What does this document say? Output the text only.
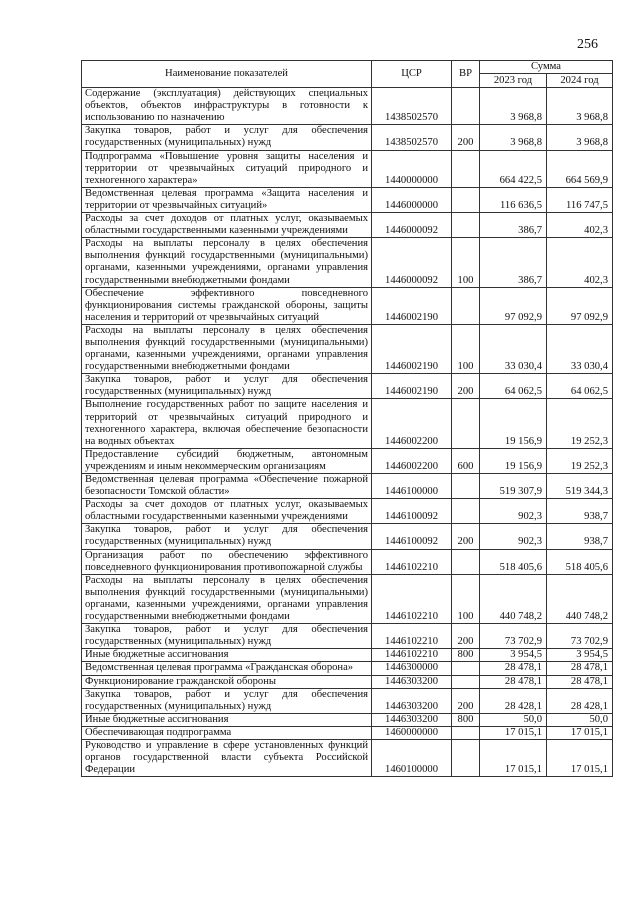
256
Наименование показателей	ЦСР	ВР	Сумма	
			2023 год	2024 год
Содержание (эксплуатация) действующих специальных объектов, объектов инфраструктуры в готовности к использованию по назначению	1438502570		3 968,8	3 968,8
Закупка товаров, работ и услуг для обеспечения государственных (муниципальных) нужд	1438502570	200	3 968,8	3 968,8
Подпрограмма «Повышение уровня защиты населения и территории от чрезвычайных ситуаций природного и техногенного характера»	1440000000		664 422,5	664 569,9
Ведомственная целевая программа «Защита населения и территории от чрезвычайных ситуаций»	1446000000		116 636,5	116 747,5
Расходы за счет доходов от платных услуг, оказываемых областными государственными казенными учреждениями	1446000092		386,7	402,3
Расходы на выплаты персоналу в целях обеспечения выполнения функций государственными (муниципальными) органами, казенными учреждениями, органами управления государственными внебюджетными фондами	1446000092	100	386,7	402,3
Обеспечение эффективного повседневного функционирования системы гражданской обороны, защиты населения и территорий от чрезвычайных ситуаций	1446002190		97 092,9	97 092,9
Расходы на выплаты персоналу в целях обеспечения выполнения функций государственными (муниципальными) органами, казенными учреждениями, органами управления государственными внебюджетными фондами	1446002190	100	33 030,4	33 030,4
Закупка товаров, работ и услуг для обеспечения государственных (муниципальных) нужд	1446002190	200	64 062,5	64 062,5
Выполнение государственных работ по защите населения и территорий от чрезвычайных ситуаций природного и техногенного характера, включая обеспечение безопасности на водных объектах	1446002200		19 156,9	19 252,3
Предоставление субсидий бюджетным, автономным учреждениям и иным некоммерческим организациям	1446002200	600	19 156,9	19 252,3
Ведомственная целевая программа «Обеспечение пожарной безопасности Томской области»	1446100000		519 307,9	519 344,3
Расходы за счет доходов от платных услуг, оказываемых областными государственными казенными учреждениями	1446100092		902,3	938,7
Закупка товаров, работ и услуг для обеспечения государственных (муниципальных) нужд	1446100092	200	902,3	938,7
Организация работ по обеспечению эффективного повседневного функционирования противопожарной службы	1446102210		518 405,6	518 405,6
Расходы на выплаты персоналу в целях обеспечения выполнения функций государственными (муниципальными) органами, казенными учреждениями, органами управления государственными внебюджетными фондами	1446102210	100	440 748,2	440 748,2
Закупка товаров, работ и услуг для обеспечения государственных (муниципальных) нужд	1446102210	200	73 702,9	73 702,9
Иные бюджетные ассигнования	1446102210	800	3 954,5	3 954,5
Ведомственная целевая программа «Гражданская оборона»	1446300000		28 478,1	28 478,1
Функционирование гражданской обороны	1446303200		28 478,1	28 478,1
Закупка товаров, работ и услуг для обеспечения государственных (муниципальных) нужд	1446303200	200	28 428,1	28 428,1
Иные бюджетные ассигнования	1446303200	800	50,0	50,0
Обеспечивающая подпрограмма	1460000000		17 015,1	17 015,1
Руководство и управление в сфере установленных функций органов государственной власти субъекта Российской Федерации	1460100000		17 015,1	17 015,1
